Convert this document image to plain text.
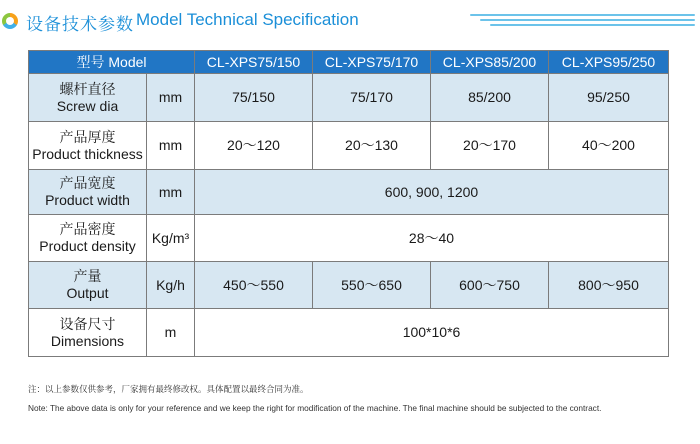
设备技术参数 Model Technical Specification
型号 Model		CL-XPS75/150	CL-XPS75/170	CL-XPS85/200	CL-XPS95/250

螺杆直径
Screw dia	mm	75/150	75/170	85/200	95/250

产品厚度
Product thickness	mm	20～120	20～130	20～170	40～200

产品宽度
Product width	mm	600, 900, 1200			

产品密度
Product density	Kg/m³	28～40			

产量
Output	Kg/h	450～550	550～650	600～750	800～950

设备尺寸
Dimensions	m	100*10*6			
注：以上参数仅供参考，厂家拥有最终修改权。具体配置以最终合同为准。
Note: The above data is only for your reference and we keep the right for modification of the machine. The final machine should be subjected to the contract.
